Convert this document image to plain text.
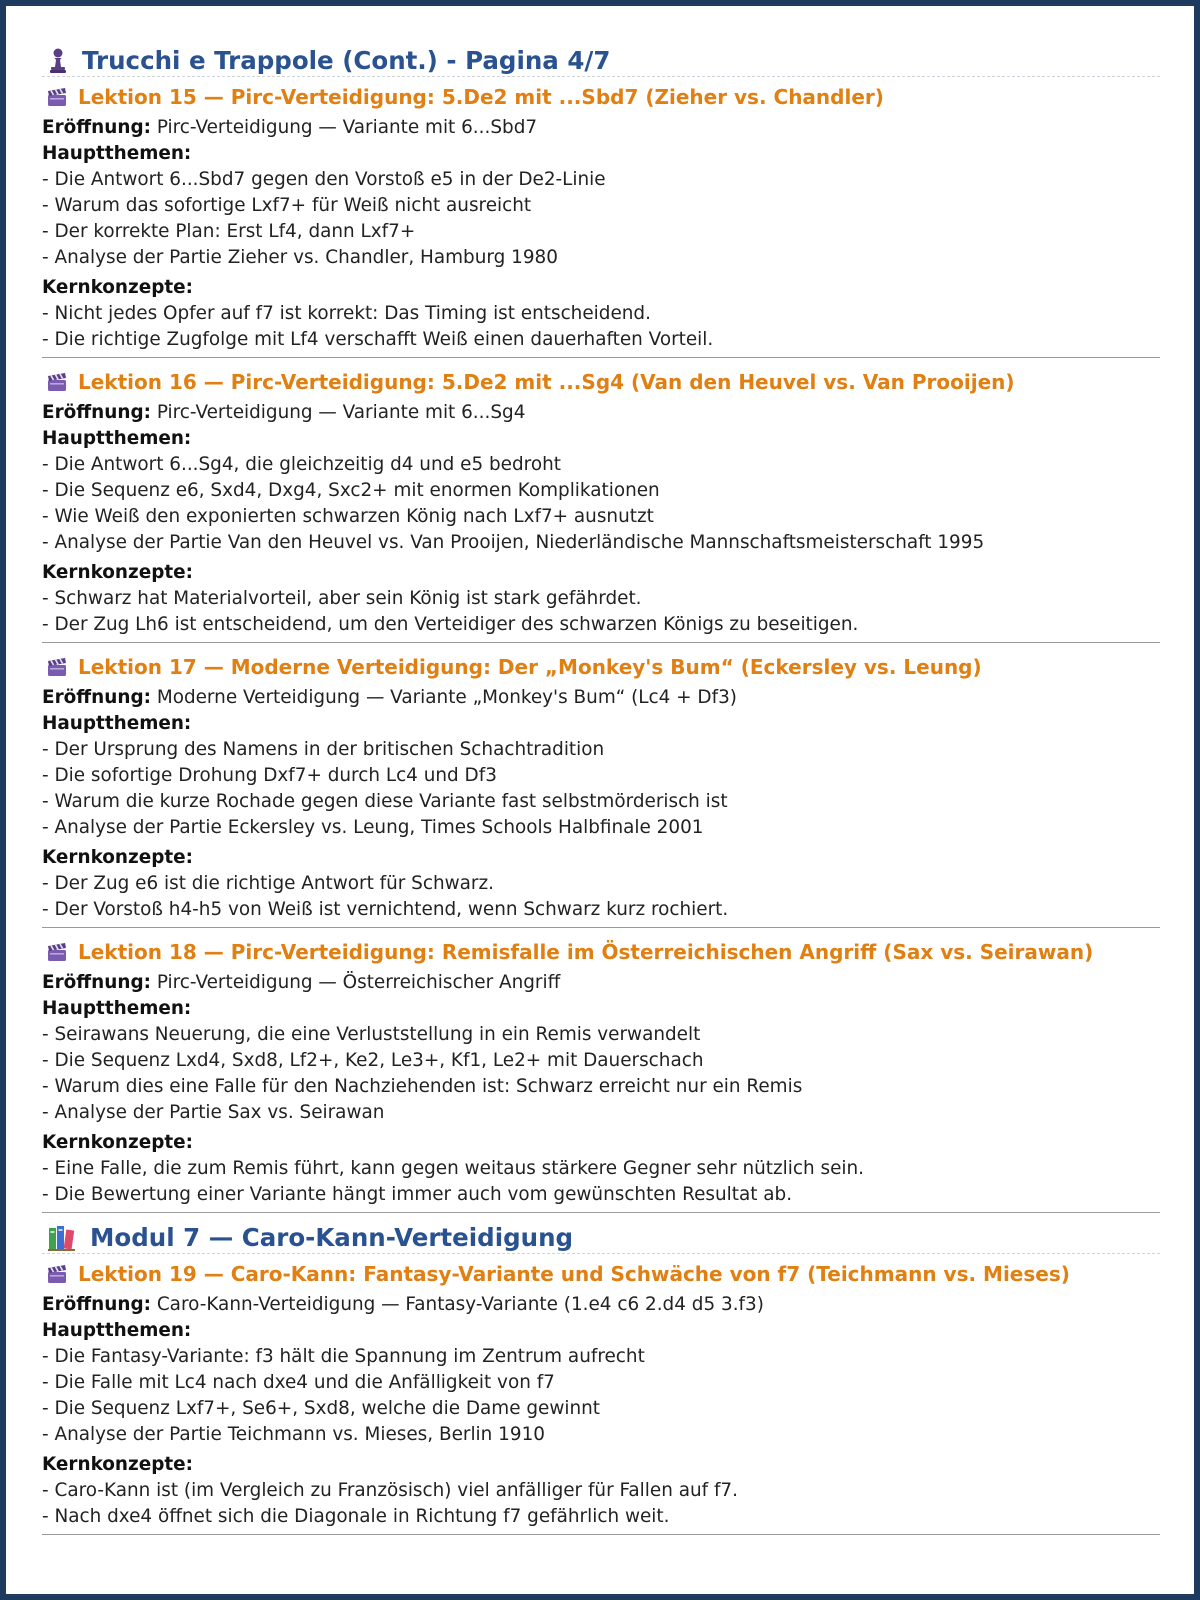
Trucchi e Trappole (Cont.) - Pagina 4/7
Lektion 15 — Pirc-Verteidigung: 5.De2 mit ...Sbd7 (Zieher vs. Chandler)
Eröffnung: Pirc-Verteidigung — Variante mit 6...Sbd7
Hauptthemen:
- Die Antwort 6...Sbd7 gegen den Vorstoß e5 in der De2-Linie
- Warum das sofortige Lxf7+ für Weiß nicht ausreicht
- Der korrekte Plan: Erst Lf4, dann Lxf7+
- Analyse der Partie Zieher vs. Chandler, Hamburg 1980
Kernkonzepte:
- Nicht jedes Opfer auf f7 ist korrekt: Das Timing ist entscheidend.
- Die richtige Zugfolge mit Lf4 verschafft Weiß einen dauerhaften Vorteil.
Lektion 16 — Pirc-Verteidigung: 5.De2 mit ...Sg4 (Van den Heuvel vs. Van Prooijen)
Eröffnung: Pirc-Verteidigung — Variante mit 6...Sg4
Hauptthemen:
- Die Antwort 6...Sg4, die gleichzeitig d4 und e5 bedroht
- Die Sequenz e6, Sxd4, Dxg4, Sxc2+ mit enormen Komplikationen
- Wie Weiß den exponierten schwarzen König nach Lxf7+ ausnutzt
- Analyse der Partie Van den Heuvel vs. Van Prooijen, Niederländische Mannschaftsmeisterschaft 1995
Kernkonzepte:
- Schwarz hat Materialvorteil, aber sein König ist stark gefährdet.
- Der Zug Lh6 ist entscheidend, um den Verteidiger des schwarzen Königs zu beseitigen.
Lektion 17 — Moderne Verteidigung: Der „Monkey's Bum“ (Eckersley vs. Leung)
Eröffnung: Moderne Verteidigung — Variante „Monkey's Bum“ (Lc4 + Df3)
Hauptthemen:
- Der Ursprung des Namens in der britischen Schachtradition
- Die sofortige Drohung Dxf7+ durch Lc4 und Df3
- Warum die kurze Rochade gegen diese Variante fast selbstmörderisch ist
- Analyse der Partie Eckersley vs. Leung, Times Schools Halbfinale 2001
Kernkonzepte:
- Der Zug e6 ist die richtige Antwort für Schwarz.
- Der Vorstoß h4-h5 von Weiß ist vernichtend, wenn Schwarz kurz rochiert.
Lektion 18 — Pirc-Verteidigung: Remisfalle im Österreichischen Angriff (Sax vs. Seirawan)
Eröffnung: Pirc-Verteidigung — Österreichischer Angriff
Hauptthemen:
- Seirawans Neuerung, die eine Verluststellung in ein Remis verwandelt
- Die Sequenz Lxd4, Sxd8, Lf2+, Ke2, Le3+, Kf1, Le2+ mit Dauerschach
- Warum dies eine Falle für den Nachziehenden ist: Schwarz erreicht nur ein Remis
- Analyse der Partie Sax vs. Seirawan
Kernkonzepte:
- Eine Falle, die zum Remis führt, kann gegen weitaus stärkere Gegner sehr nützlich sein.
- Die Bewertung einer Variante hängt immer auch vom gewünschten Resultat ab.
Modul 7 — Caro-Kann-Verteidigung
Lektion 19 — Caro-Kann: Fantasy-Variante und Schwäche von f7 (Teichmann vs. Mieses)
Eröffnung: Caro-Kann-Verteidigung — Fantasy-Variante (1.e4 c6 2.d4 d5 3.f3)
Hauptthemen:
- Die Fantasy-Variante: f3 hält die Spannung im Zentrum aufrecht
- Die Falle mit Lc4 nach dxe4 und die Anfälligkeit von f7
- Die Sequenz Lxf7+, Se6+, Sxd8, welche die Dame gewinnt
- Analyse der Partie Teichmann vs. Mieses, Berlin 1910
Kernkonzepte:
- Caro-Kann ist (im Vergleich zu Französisch) viel anfälliger für Fallen auf f7.
- Nach dxe4 öffnet sich die Diagonale in Richtung f7 gefährlich weit.
